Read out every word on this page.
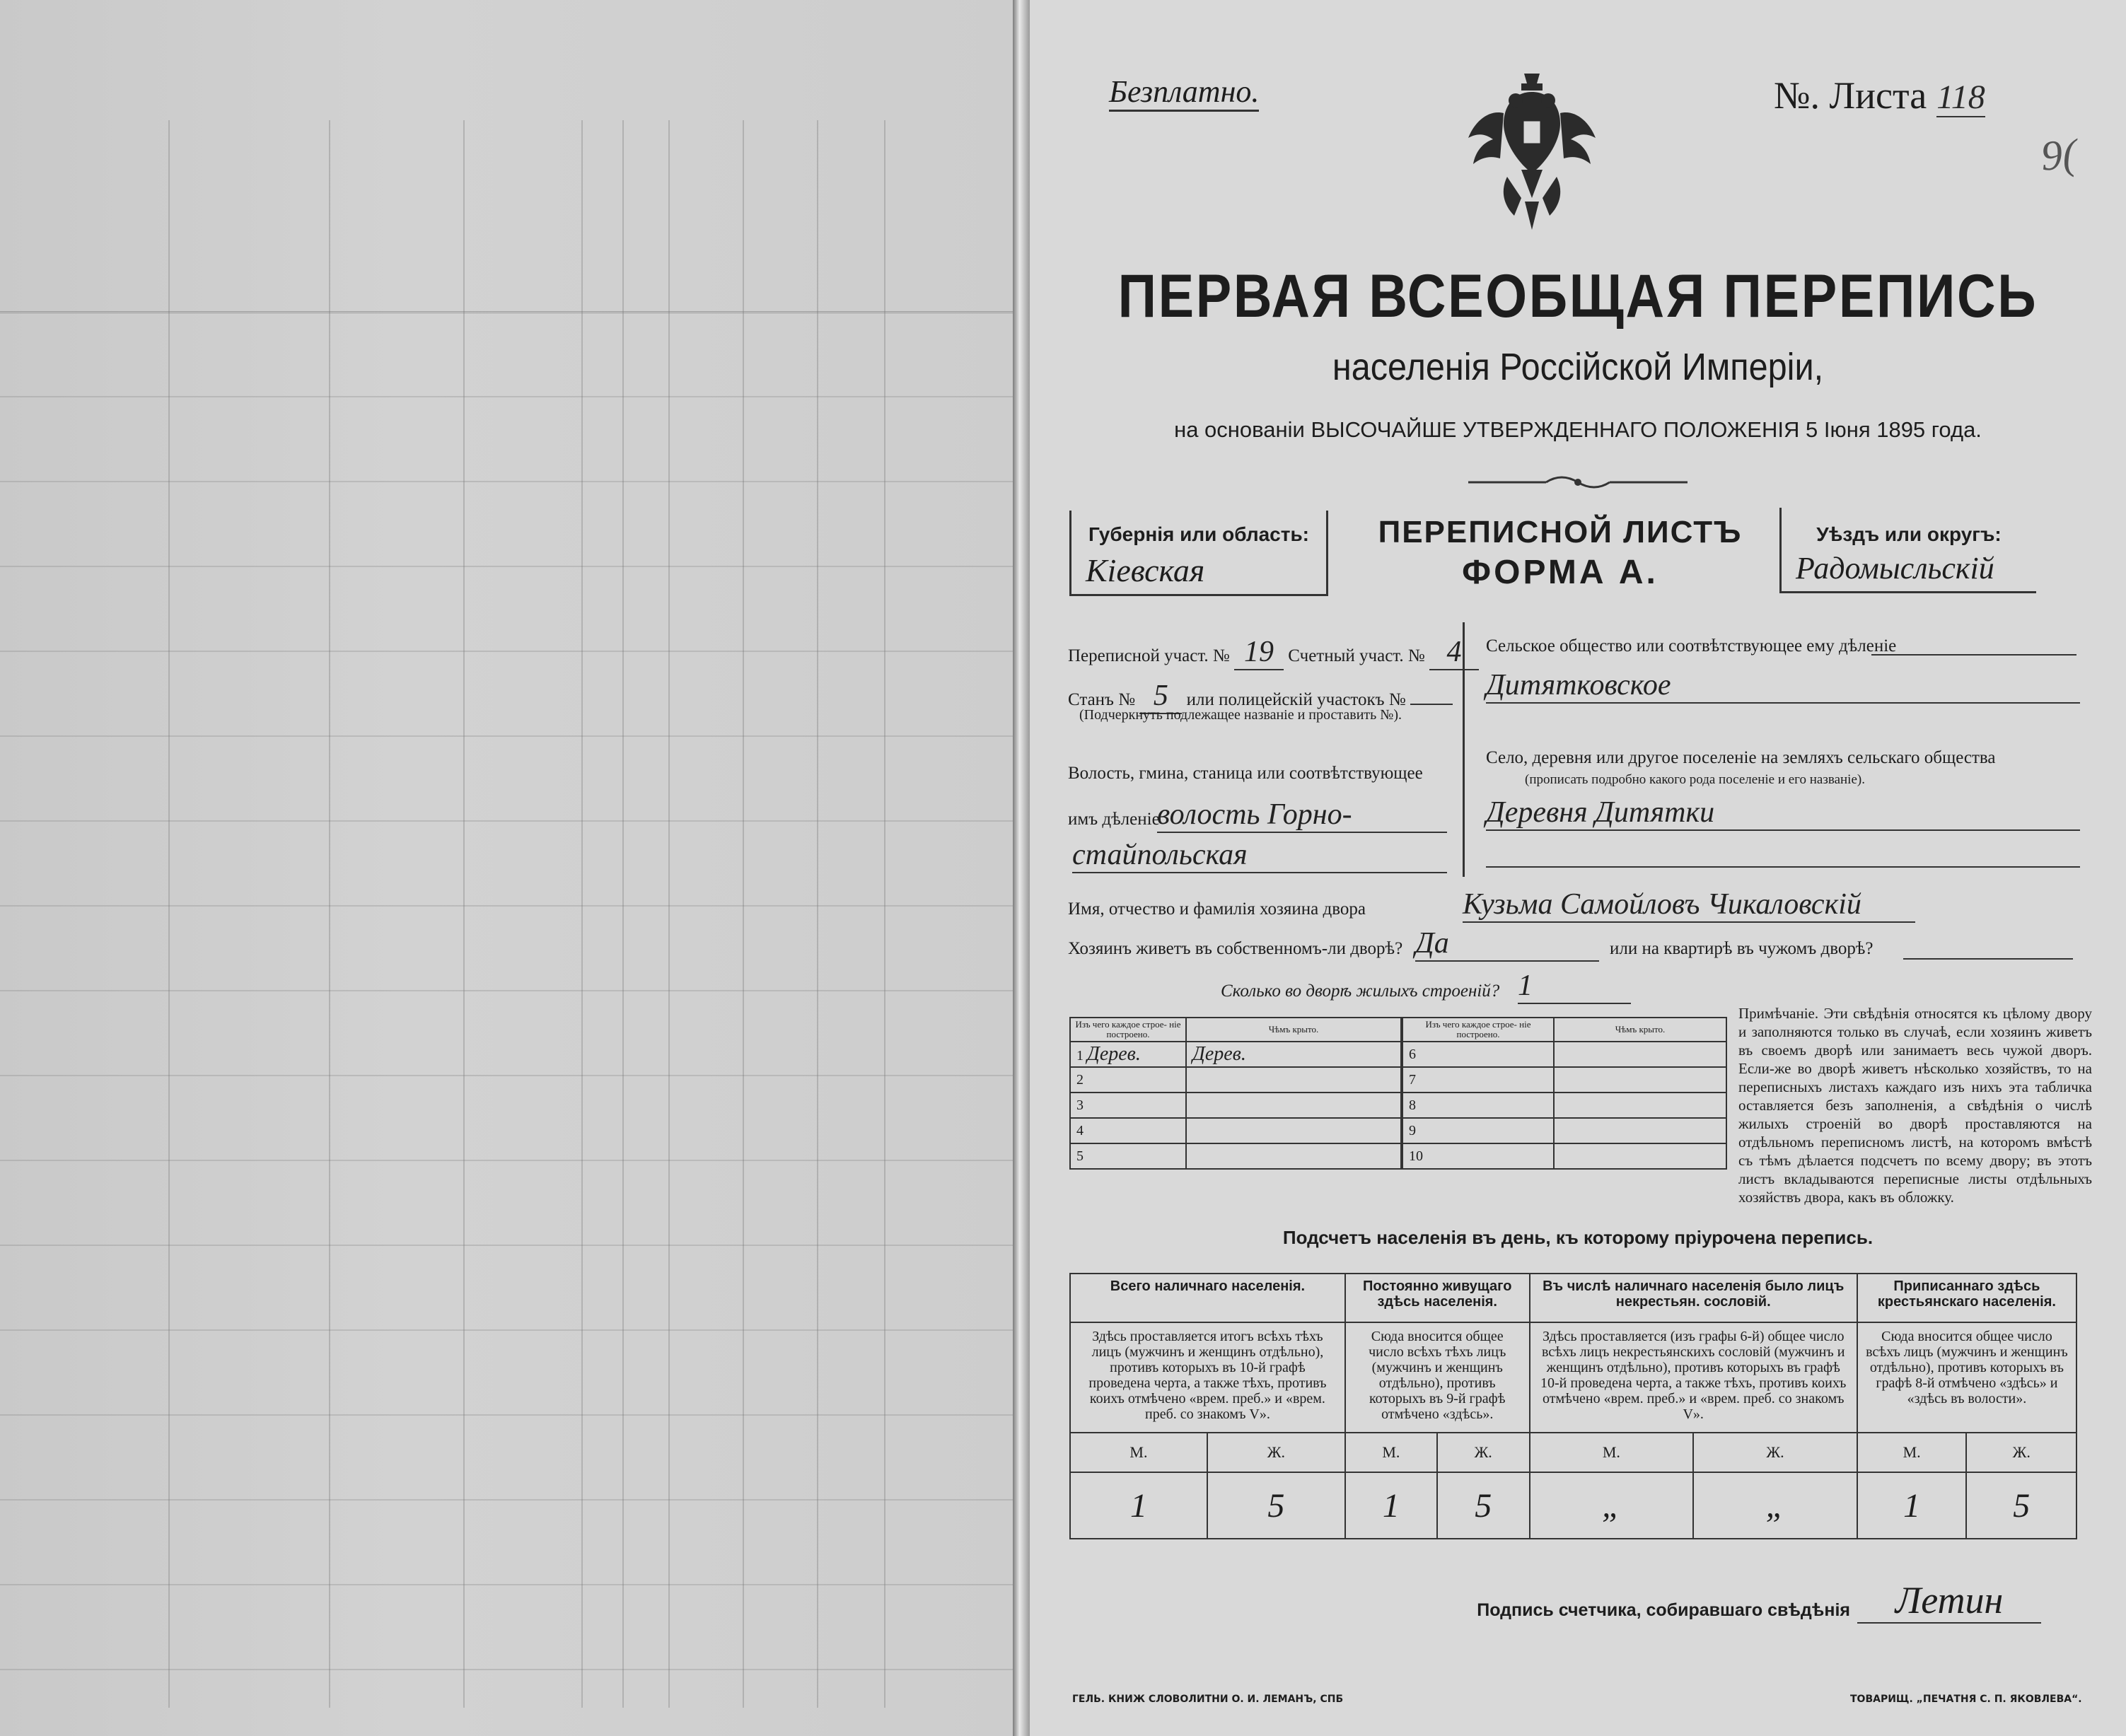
Безплатно.	№. Листа 118
9(
ПЕРВАЯ ВСЕОБЩАЯ ПЕРЕПИСЬ
населенія Россійской Имперіи,
на основаніи ВЫСОЧАЙШЕ УТВЕРЖДЕННАГО ПОЛОЖЕНІЯ 5 Іюня 1895 года.
Губернія или область:
Кіевская
ПЕРЕПИСНОЙ ЛИСТЪ
ФОРМА А.
Уѣздъ или округъ:
Радомысльскій
Переписной участ. № 19 Счетный участ. № 4
Станъ № 5 или полицейскій участокъ №
(Подчеркнуть подлежащее названіе и проставить №).
Волость, гмина, станица или соотвѣтствующее
имъ дѣленіе
волость Горно-
стайпольская
Сельское общество или соотвѣтствующее ему дѣленіе
Дитятковское
Село, деревня или другое поселеніе на земляхъ сельскаго общества
(прописать подробно какого рода поселеніе и его названіе).
Деревня Дитятки
Имя, отчество и фамилія хозяина двора	Кузьма Самойловъ Чикаловскій
Хозяинъ живетъ въ собственномъ-ли дворѣ? Да	или на квартирѣ въ чужомъ дворѣ?
Сколько во дворѣ жилыхъ строеній? 1
Изъ чего каждое строе- ніе построено.	Чѣмъ крыто.
1 Дерев.	Дерев.
2	
3	
4	
5	
Изъ чего каждое строе- ніе построено.	Чѣмъ крыто.
6	
7	
8	
9	
10	
Примѣчаніе. Эти свѣдѣнія относятся къ цѣлому двору и заполняются только въ случаѣ, если хозяинъ живетъ въ своемъ дворѣ или занимаетъ весь чужой дворъ. Если-же во дворѣ живетъ нѣсколько хозяйствъ, то на переписныхъ листахъ каждаго изъ нихъ эта табличка оставляется безъ заполненія, а свѣдѣнія о числѣ жилыхъ строеній во дворѣ проставляются на отдѣльномъ переписномъ листѣ, на которомъ вмѣстѣ съ тѣмъ дѣлается подсчетъ по всему двору; въ этотъ листъ вкладываются переписные листы отдѣльныхъ хозяйствъ двора, какъ въ обложку.
Подсчетъ населенія въ день, къ которому пріурочена перепись.
Всего наличнаго населенія.		Постоянно живущаго здѣсь населенія.		Въ числѣ наличнаго населенія было лицъ некрестьян. сословій.		Приписаннаго здѣсь крестьянскаго населенія.	
Здѣсь проставляется итогъ всѣхъ тѣхъ лицъ (мужчинъ и женщинъ отдѣльно), противъ которыхъ въ 10-й графѣ проведена черта, а также тѣхъ, противъ коихъ отмѣчено «врем. преб.» и «врем. преб. со знакомъ V».		Сюда вносится общее число всѣхъ тѣхъ лицъ (мужчинъ и женщинъ отдѣльно), противъ которыхъ въ 9-й графѣ отмѣчено «здѣсь».		Здѣсь проставляется (изъ графы 6-й) общее число всѣхъ лицъ некрестьянскихъ сословій (мужчинъ и женщинъ отдѣльно), противъ которыхъ въ графѣ 10-й проведена черта, а также тѣхъ, противъ коихъ отмѣчено «врем. преб.» и «врем. преб. со знакомъ V».		Сюда вносится общее число всѣхъ лицъ (мужчинъ и женщинъ отдѣльно), противъ которыхъ въ графѣ 8-й отмѣчено «здѣсь» и «здѣсь въ волости».	
М.	Ж.	М.	Ж.	М.	Ж.	М.	Ж.
1	5	1	5	„	„	1	5
Подпись счетчика, собиравшаго свѣдѣнія	Летин
ГЕЛЬ. КНИЖ СЛОВОЛИТНИ О. И. ЛЕМАНЪ, СПБ	ТОВАРИЩ. „ПЕЧАТНЯ С. П. ЯКОВЛЕВА“.
